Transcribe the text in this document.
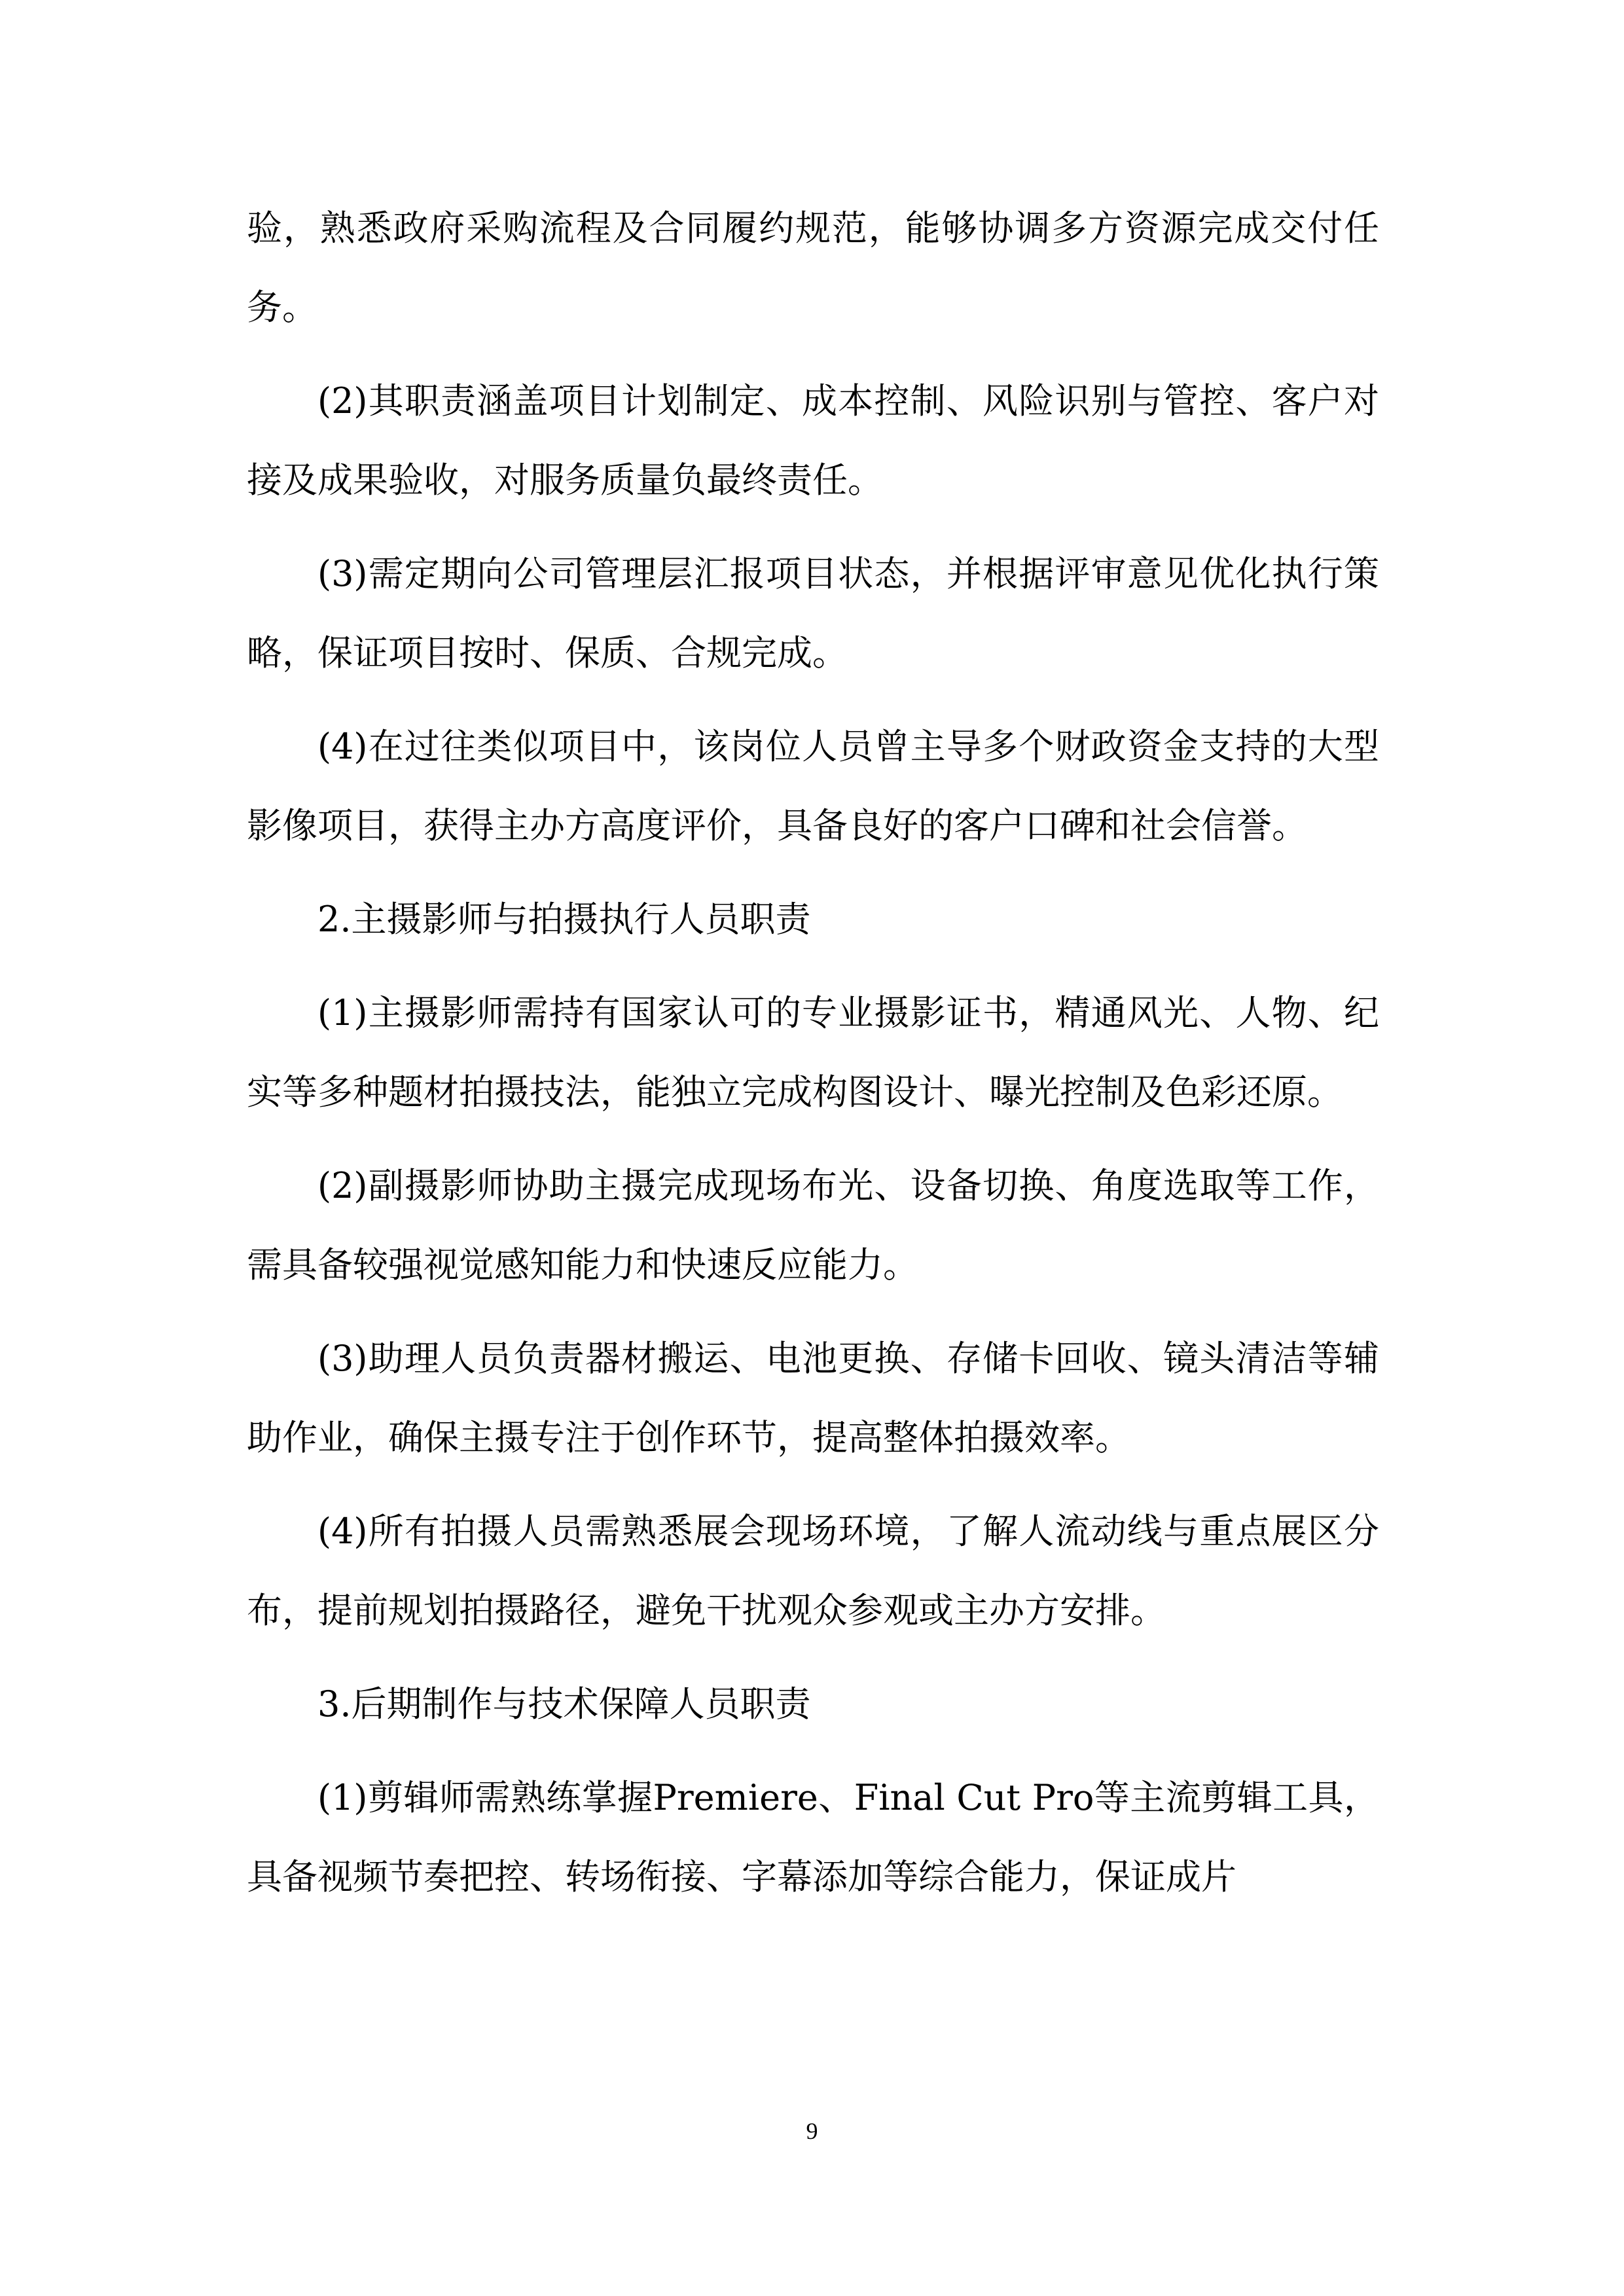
验，熟悉政府采购流程及合同履约规范，能够协调多方资源完成交付任务。

(2)其职责涵盖项目计划制定、成本控制、风险识别与管控、客户对接及成果验收，对服务质量负最终责任。

(3)需定期向公司管理层汇报项目状态，并根据评审意见优化执行策略，保证项目按时、保质、合规完成。

(4)在过往类似项目中，该岗位人员曾主导多个财政资金支持的大型影像项目，获得主办方高度评价，具备良好的客户口碑和社会信誉。

2.主摄影师与拍摄执行人员职责

(1)主摄影师需持有国家认可的专业摄影证书，精通风光、人物、纪实等多种题材拍摄技法，能独立完成构图设计、曝光控制及色彩还原。

(2)副摄影师协助主摄完成现场布光、设备切换、角度选取等工作，需具备较强视觉感知能力和快速反应能力。

(3)助理人员负责器材搬运、电池更换、存储卡回收、镜头清洁等辅助作业，确保主摄专注于创作环节，提高整体拍摄效率。

(4)所有拍摄人员需熟悉展会现场环境，了解人流动线与重点展区分布，提前规划拍摄路径，避免干扰观众参观或主办方安排。

3.后期制作与技术保障人员职责

(1)剪辑师需熟练掌握Premiere、Final Cut Pro等主流剪辑工具，具备视频节奏把控、转场衔接、字幕添加等综合能力，保证成片

9
